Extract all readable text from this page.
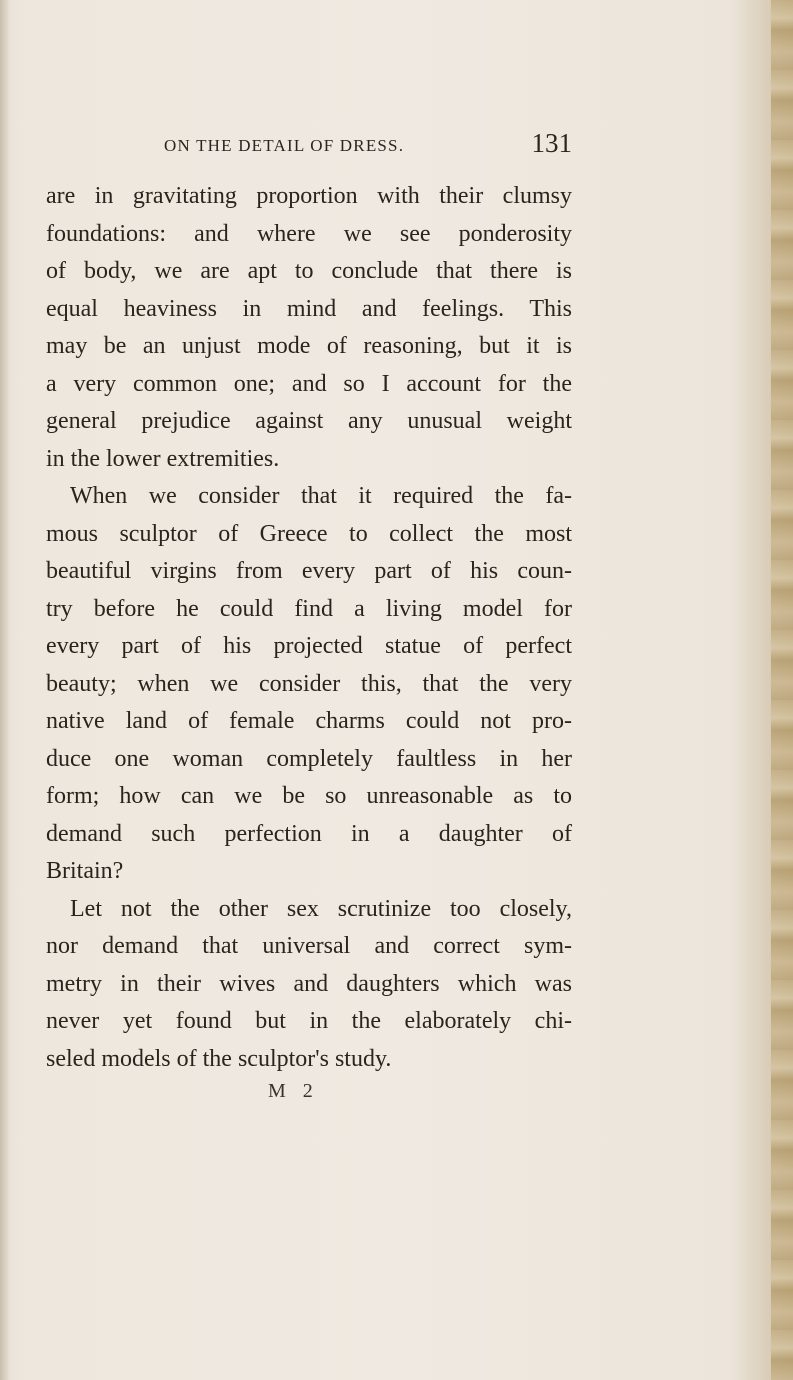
ON THE DETAIL OF DRESS.	131
are in gravitating proportion with their clumsy
foundations: and where we see ponderosity
of body, we are apt to conclude that there is
equal heaviness in mind and feelings. This
may be an unjust mode of reasoning, but it is
a very common one; and so I account for the
general prejudice against any unusual weight
in the lower extremities.
When we consider that it required the fa-
mous sculptor of Greece to collect the most
beautiful virgins from every part of his coun-
try before he could find a living model for
every part of his projected statue of perfect
beauty; when we consider this, that the very
native land of female charms could not pro-
duce one woman completely faultless in her
form; how can we be so unreasonable as to
demand such perfection in a daughter of
Britain?
Let not the other sex scrutinize too closely,
nor demand that universal and correct sym-
metry in their wives and daughters which was
never yet found but in the elaborately chi-
seled models of the sculptor's study.
M 2
